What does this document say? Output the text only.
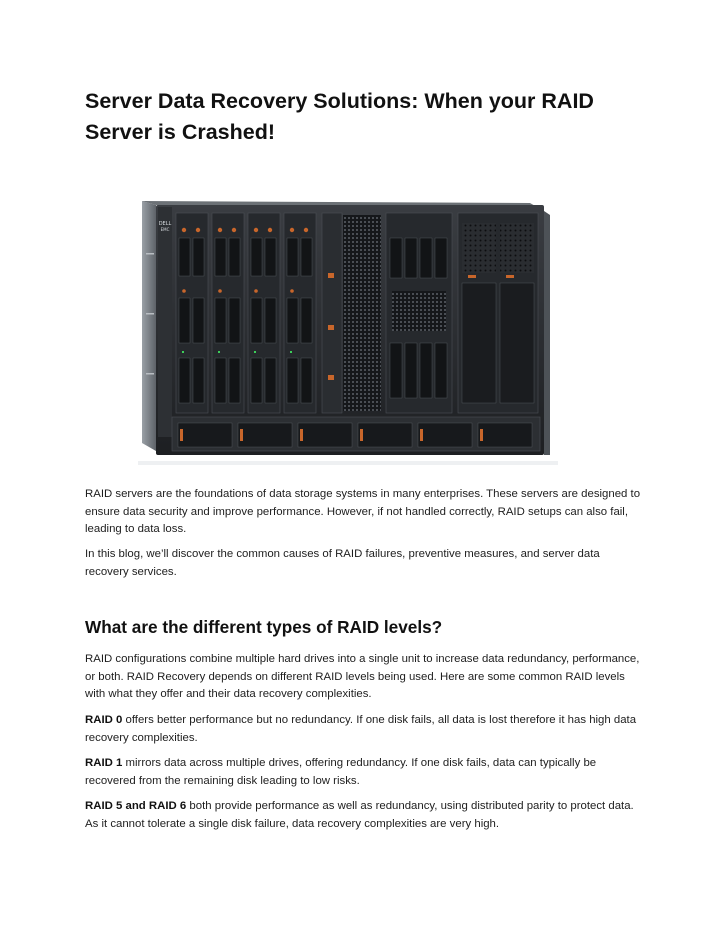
Server Data Recovery Solutions: When your RAID Server is Crashed!
DELL
EMC

RAID servers are the foundations of data storage systems in many enterprises. These servers are designed to ensure data security and improve performance. However, if not handled correctly, RAID setups can also fail, leading to data loss.

In this blog, we’ll discover the common causes of RAID failures, preventive measures, and server data recovery services.

What are the different types of RAID levels?

RAID configurations combine multiple hard drives into a single unit to increase data redundancy, performance, or both. RAID Recovery depends on different RAID levels being used. Here are some common RAID levels with what they offer and their data recovery complexities.

RAID 0 offers better performance but no redundancy. If one disk fails, all data is lost therefore it has high data recovery complexities.

RAID 1 mirrors data across multiple drives, offering redundancy. If one disk fails, data can typically be recovered from the remaining disk leading to low risks.

RAID 5 and RAID 6 both provide performance as well as redundancy, using distributed parity to protect data. As it cannot tolerate a single disk failure, data recovery complexities are very high.
